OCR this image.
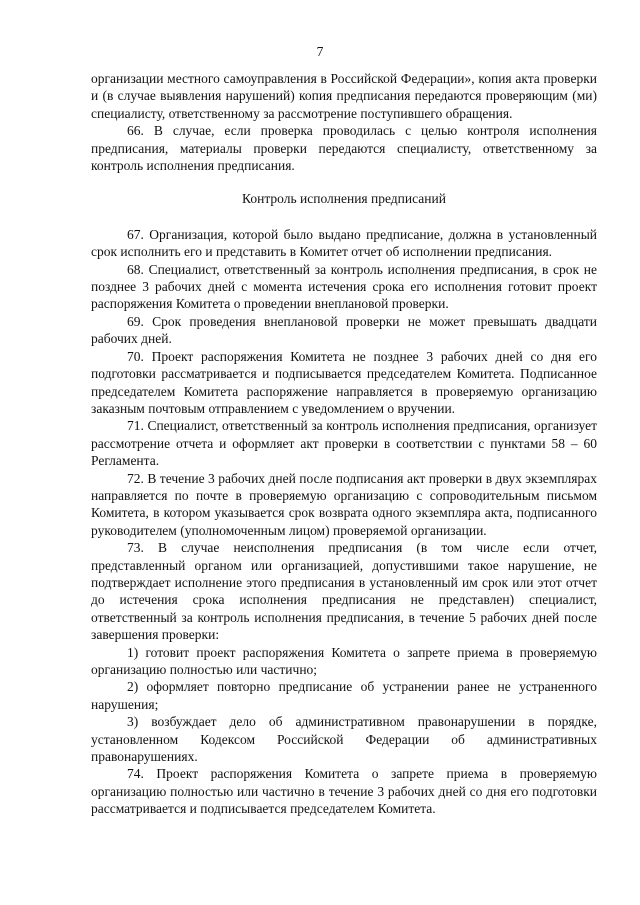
7

организации местного самоуправления в Российской Федерации», копия акта проверки и (в случае выявления нарушений) копия предписания передаются проверяющим (ми) специалисту, ответственному за рассмотрение поступившего обращения.

66. В случае, если проверка проводилась с целью контроля исполнения предписания, материалы проверки передаются специалисту, ответственному за контроль исполнения предписания.

Контроль исполнения предписаний

67. Организация, которой было выдано предписание, должна в установленный срок исполнить его и представить в Комитет отчет об исполнении предписания.

68. Специалист, ответственный за контроль исполнения предписания, в срок не позднее 3 рабочих дней с момента истечения срока его исполнения готовит проект распоряжения Комитета о проведении внеплановой проверки.

69. Срок проведения внеплановой проверки не может превышать двадцати рабочих дней.

70. Проект распоряжения Комитета не позднее 3 рабочих дней со дня его подготовки рассматривается и подписывается председателем Комитета. Подписанное председателем Комитета распоряжение направляется в проверяемую организацию заказным почтовым отправлением с уведомлением о вручении.

71. Специалист, ответственный за контроль исполнения предписания, организует рассмотрение отчета и оформляет акт проверки в соответствии с пунктами 58 – 60 Регламента.

72. В течение 3 рабочих дней после подписания акт проверки в двух экземплярах направляется по почте в проверяемую организацию с сопроводительным письмом Комитета, в котором указывается срок возврата одного экземпляра акта, подписанного руководителем (уполномоченным лицом) проверяемой организации.

73. В случае неисполнения предписания (в том числе если отчет, представленный органом или организацией, допустившими такое нарушение, не подтверждает исполнение этого предписания в установленный им срок или этот отчет до истечения срока исполнения предписания не представлен) специалист, ответственный за контроль исполнения предписания, в течение 5 рабочих дней после завершения проверки:

1) готовит проект распоряжения Комитета о запрете приема в проверяемую организацию полностью или частично;

2) оформляет повторно предписание об устранении ранее не устраненного нарушения;

3) возбуждает дело об административном правонарушении в порядке, установленном Кодексом Российской Федерации об административных правонарушениях.

74. Проект распоряжения Комитета о запрете приема в проверяемую организацию полностью или частично в течение 3 рабочих дней со дня его подготовки рассматривается и подписывается председателем Комитета.
